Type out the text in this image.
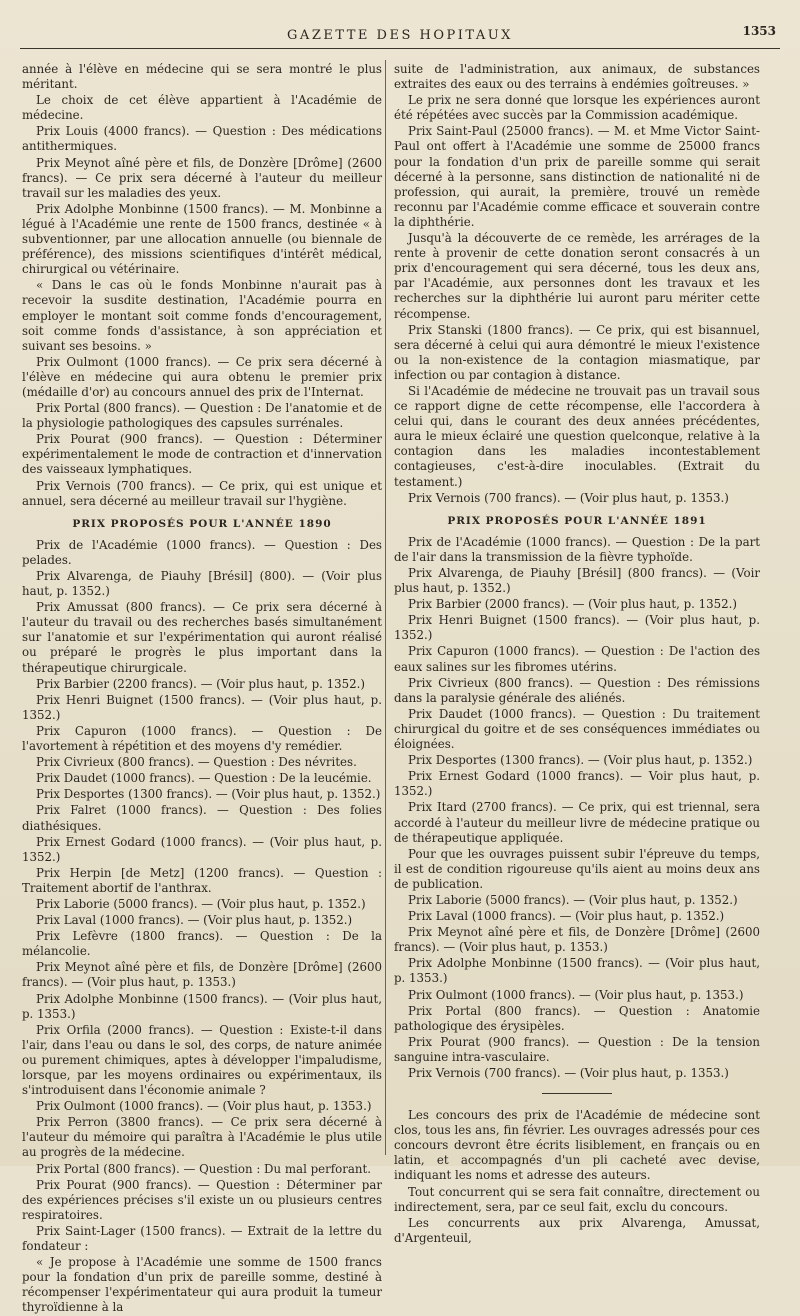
GAZETTE DES HOPITAUX	1353

année à l'élève en médecine qui se sera montré le plus méritant.

Le choix de cet élève appartient à l'Académie de médecine.

Prix Louis (4000 francs). — Question : Des médications antithermiques.

Prix Meynot aîné père et fils, de Donzère [Drôme] (2600 francs). — Ce prix sera décerné à l'auteur du meilleur travail sur les maladies des yeux.

Prix Adolphe Monbinne (1500 francs). — M. Monbinne a légué à l'Académie une rente de 1500 francs, destinée « à subventionner, par une allocation annuelle (ou biennale de préférence), des missions scientifiques d'intérêt médical, chirurgical ou vétérinaire.

« Dans le cas où le fonds Monbinne n'aurait pas à recevoir la susdite destination, l'Académie pourra en employer le montant soit comme fonds d'encouragement, soit comme fonds d'assistance, à son appréciation et suivant ses besoins. »

Prix Oulmont (1000 francs). — Ce prix sera décerné à l'élève en médecine qui aura obtenu le premier prix (médaille d'or) au concours annuel des prix de l'Internat.

Prix Portal (800 francs). — Question : De l'anatomie et de la physiologie pathologiques des capsules surrénales.

Prix Pourat (900 francs). — Question : Déterminer expérimentalement le mode de contraction et d'innervation des vaisseaux lymphatiques.

Prix Vernois (700 francs). — Ce prix, qui est unique et annuel, sera décerné au meilleur travail sur l'hygiène.

PRIX PROPOSÉS POUR L'ANNÉE 1890

Prix de l'Académie (1000 francs). — Question : Des pelades.

Prix Alvarenga, de Piauhy [Brésil] (800). — (Voir plus haut, p. 1352.)

Prix Amussat (800 francs). — Ce prix sera décerné à l'auteur du travail ou des recherches basés simultanément sur l'anatomie et sur l'expérimentation qui auront réalisé ou préparé le progrès le plus important dans la thérapeutique chirurgicale.

Prix Barbier (2200 francs). — (Voir plus haut, p. 1352.)

Prix Henri Buignet (1500 francs). — (Voir plus haut, p. 1352.)

Prix Capuron (1000 francs). — Question : De l'avortement à répétition et des moyens d'y remédier.

Prix Civrieux (800 francs). — Question : Des névrites.

Prix Daudet (1000 francs). — Question : De la leucémie.

Prix Desportes (1300 francs). — (Voir plus haut, p. 1352.)

Prix Falret (1000 francs). — Question : Des folies diathésiques.

Prix Ernest Godard (1000 francs). — (Voir plus haut, p. 1352.)

Prix Herpin [de Metz] (1200 francs). — Question : Traitement abortif de l'anthrax.

Prix Laborie (5000 francs). — (Voir plus haut, p. 1352.)

Prix Laval (1000 francs). — (Voir plus haut, p. 1352.)

Prix Lefèvre (1800 francs). — Question : De la mélancolie.

Prix Meynot aîné père et fils, de Donzère [Drôme] (2600 francs). — (Voir plus haut, p. 1353.)

Prix Adolphe Monbinne (1500 francs). — (Voir plus haut, p. 1353.)

Prix Orfila (2000 francs). — Question : Existe-t-il dans l'air, dans l'eau ou dans le sol, des corps, de nature animée ou purement chimiques, aptes à développer l'impaludisme, lorsque, par les moyens ordinaires ou expérimentaux, ils s'introduisent dans l'économie animale ?

Prix Oulmont (1000 francs). — (Voir plus haut, p. 1353.)

Prix Perron (3800 francs). — Ce prix sera décerné à l'auteur du mémoire qui paraîtra à l'Académie le plus utile au progrès de la médecine.

Prix Portal (800 francs). — Question : Du mal perforant.

Prix Pourat (900 francs). — Question : Déterminer par des expériences précises s'il existe un ou plusieurs centres respiratoires.

Prix Saint-Lager (1500 francs). — Extrait de la lettre du fondateur :

« Je propose à l'Académie une somme de 1500 francs pour la fondation d'un prix de pareille somme, destiné à récompenser l'expérimentateur qui aura produit la tumeur thyroïdienne à la

suite de l'administration, aux animaux, de substances extraites des eaux ou des terrains à endémies goîtreuses. »

Le prix ne sera donné que lorsque les expériences auront été répétées avec succès par la Commission académique.

Prix Saint-Paul (25000 francs). — M. et Mme Victor Saint-Paul ont offert à l'Académie une somme de 25000 francs pour la fondation d'un prix de pareille somme qui serait décerné à la personne, sans distinction de nationalité ni de profession, qui aurait, la première, trouvé un remède reconnu par l'Académie comme efficace et souverain contre la diphthérie.

Jusqu'à la découverte de ce remède, les arrérages de la rente à provenir de cette donation seront consacrés à un prix d'encouragement qui sera décerné, tous les deux ans, par l'Académie, aux personnes dont les travaux et les recherches sur la diphthérie lui auront paru mériter cette récompense.

Prix Stanski (1800 francs). — Ce prix, qui est bisannuel, sera décerné à celui qui aura démontré le mieux l'existence ou la non-existence de la contagion miasmatique, par infection ou par contagion à distance.

Si l'Académie de médecine ne trouvait pas un travail sous ce rapport digne de cette récompense, elle l'accordera à celui qui, dans le courant des deux années précédentes, aura le mieux éclairé une question quelconque, relative à la contagion dans les maladies incontestablement contagieuses, c'est-à-dire inoculables. (Extrait du testament.)

Prix Vernois (700 francs). — (Voir plus haut, p. 1353.)

PRIX PROPOSÉS POUR L'ANNÉE 1891

Prix de l'Académie (1000 francs). — Question : De la part de l'air dans la transmission de la fièvre typhoïde.

Prix Alvarenga, de Piauhy [Brésil] (800 francs). — (Voir plus haut, p. 1352.)

Prix Barbier (2000 francs). — (Voir plus haut, p. 1352.)

Prix Henri Buignet (1500 francs). — (Voir plus haut, p. 1352.)

Prix Capuron (1000 francs). — Question : De l'action des eaux salines sur les fibromes utérins.

Prix Civrieux (800 francs). — Question : Des rémissions dans la paralysie générale des aliénés.

Prix Daudet (1000 francs). — Question : Du traitement chirurgical du goitre et de ses conséquences immédiates ou éloignées.

Prix Desportes (1300 francs). — (Voir plus haut, p. 1352.)

Prix Ernest Godard (1000 francs). — Voir plus haut, p. 1352.)

Prix Itard (2700 francs). — Ce prix, qui est triennal, sera accordé à l'auteur du meilleur livre de médecine pratique ou de thérapeutique appliquée.

Pour que les ouvrages puissent subir l'épreuve du temps, il est de condition rigoureuse qu'ils aient au moins deux ans de publication.

Prix Laborie (5000 francs). — (Voir plus haut, p. 1352.)

Prix Laval (1000 francs). — (Voir plus haut, p. 1352.)

Prix Meynot aîné père et fils, de Donzère [Drôme] (2600 francs). — (Voir plus haut, p. 1353.)

Prix Adolphe Monbinne (1500 francs). — (Voir plus haut, p. 1353.)

Prix Oulmont (1000 francs). — (Voir plus haut, p. 1353.)

Prix Portal (800 francs). — Question : Anatomie pathologique des érysipèles.

Prix Pourat (900 francs). — Question : De la tension sanguine intra-vasculaire.

Prix Vernois (700 francs). — (Voir plus haut, p. 1353.)

Les concours des prix de l'Académie de médecine sont clos, tous les ans, fin février. Les ouvrages adressés pour ces concours devront être écrits lisiblement, en français ou en latin, et accompagnés d'un pli cacheté avec devise, indiquant les noms et adresse des auteurs.

Tout concurrent qui se sera fait connaître, directement ou indirectement, sera, par ce seul fait, exclu du concours.

Les concurrents aux prix Alvarenga, Amussat, d'Argenteuil,
